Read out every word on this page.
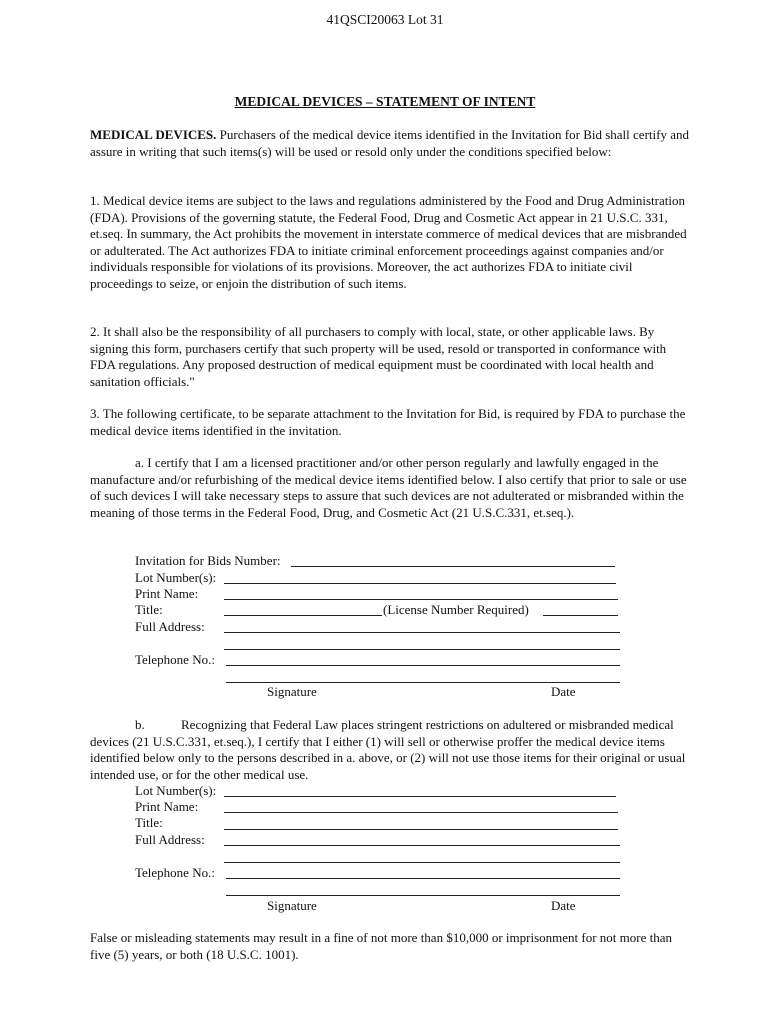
41QSCI20063 Lot 31
MEDICAL DEVICES – STATEMENT OF INTENT
MEDICAL DEVICES. Purchasers of the medical device items identified in the Invitation for Bid shall certify and assure in writing that such items(s) will be used or resold only under the conditions specified below:
1. Medical device items are subject to the laws and regulations administered by the Food and Drug Administration (FDA). Provisions of the governing statute, the Federal Food, Drug and Cosmetic Act appear in 21 U.S.C. 331, et.seq. In summary, the Act prohibits the movement in interstate commerce of medical devices that are misbranded or adulterated. The Act authorizes FDA to initiate criminal enforcement proceedings against companies and/or individuals responsible for violations of its provisions. Moreover, the act authorizes FDA to initiate civil proceedings to seize, or enjoin the distribution of such items.
2. It shall also be the responsibility of all purchasers to comply with local, state, or other applicable laws. By signing this form, purchasers certify that such property will be used, resold or transported in conformance with FDA regulations. Any proposed destruction of medical equipment must be coordinated with local health and sanitation officials."
3. The following certificate, to be separate attachment to the Invitation for Bid, is required by FDA to purchase the medical device items identified in the invitation.
a. I certify that I am a licensed practitioner and/or other person regularly and lawfully engaged in the manufacture and/or refurbishing of the medical device items identified below. I also certify that prior to sale or use of such devices I will take necessary steps to assure that such devices are not adulterated or misbranded within the meaning of those terms in the Federal Food, Drug, and Cosmetic Act (21 U.S.C.331, et.seq.).
Invitation for Bids Number:
Lot Number(s):
Print Name:
Title:	(License Number Required)
Full Address:
Telephone No.:
Signature	Date
b.	Recognizing that Federal Law places stringent restrictions on adultered or misbranded medical devices (21 U.S.C.331, et.seq.), I certify that I either (1) will sell or otherwise proffer the medical device items identified below only to the persons described in a. above, or (2) will not use those items for their original or usual intended use, or for the other medical use.
Lot Number(s):
Print Name:
Title:
Full Address:
Telephone No.:
Signature	Date
False or misleading statements may result in a fine of not more than $10,000 or imprisonment for not more than five (5) years, or both (18 U.S.C. 1001).
